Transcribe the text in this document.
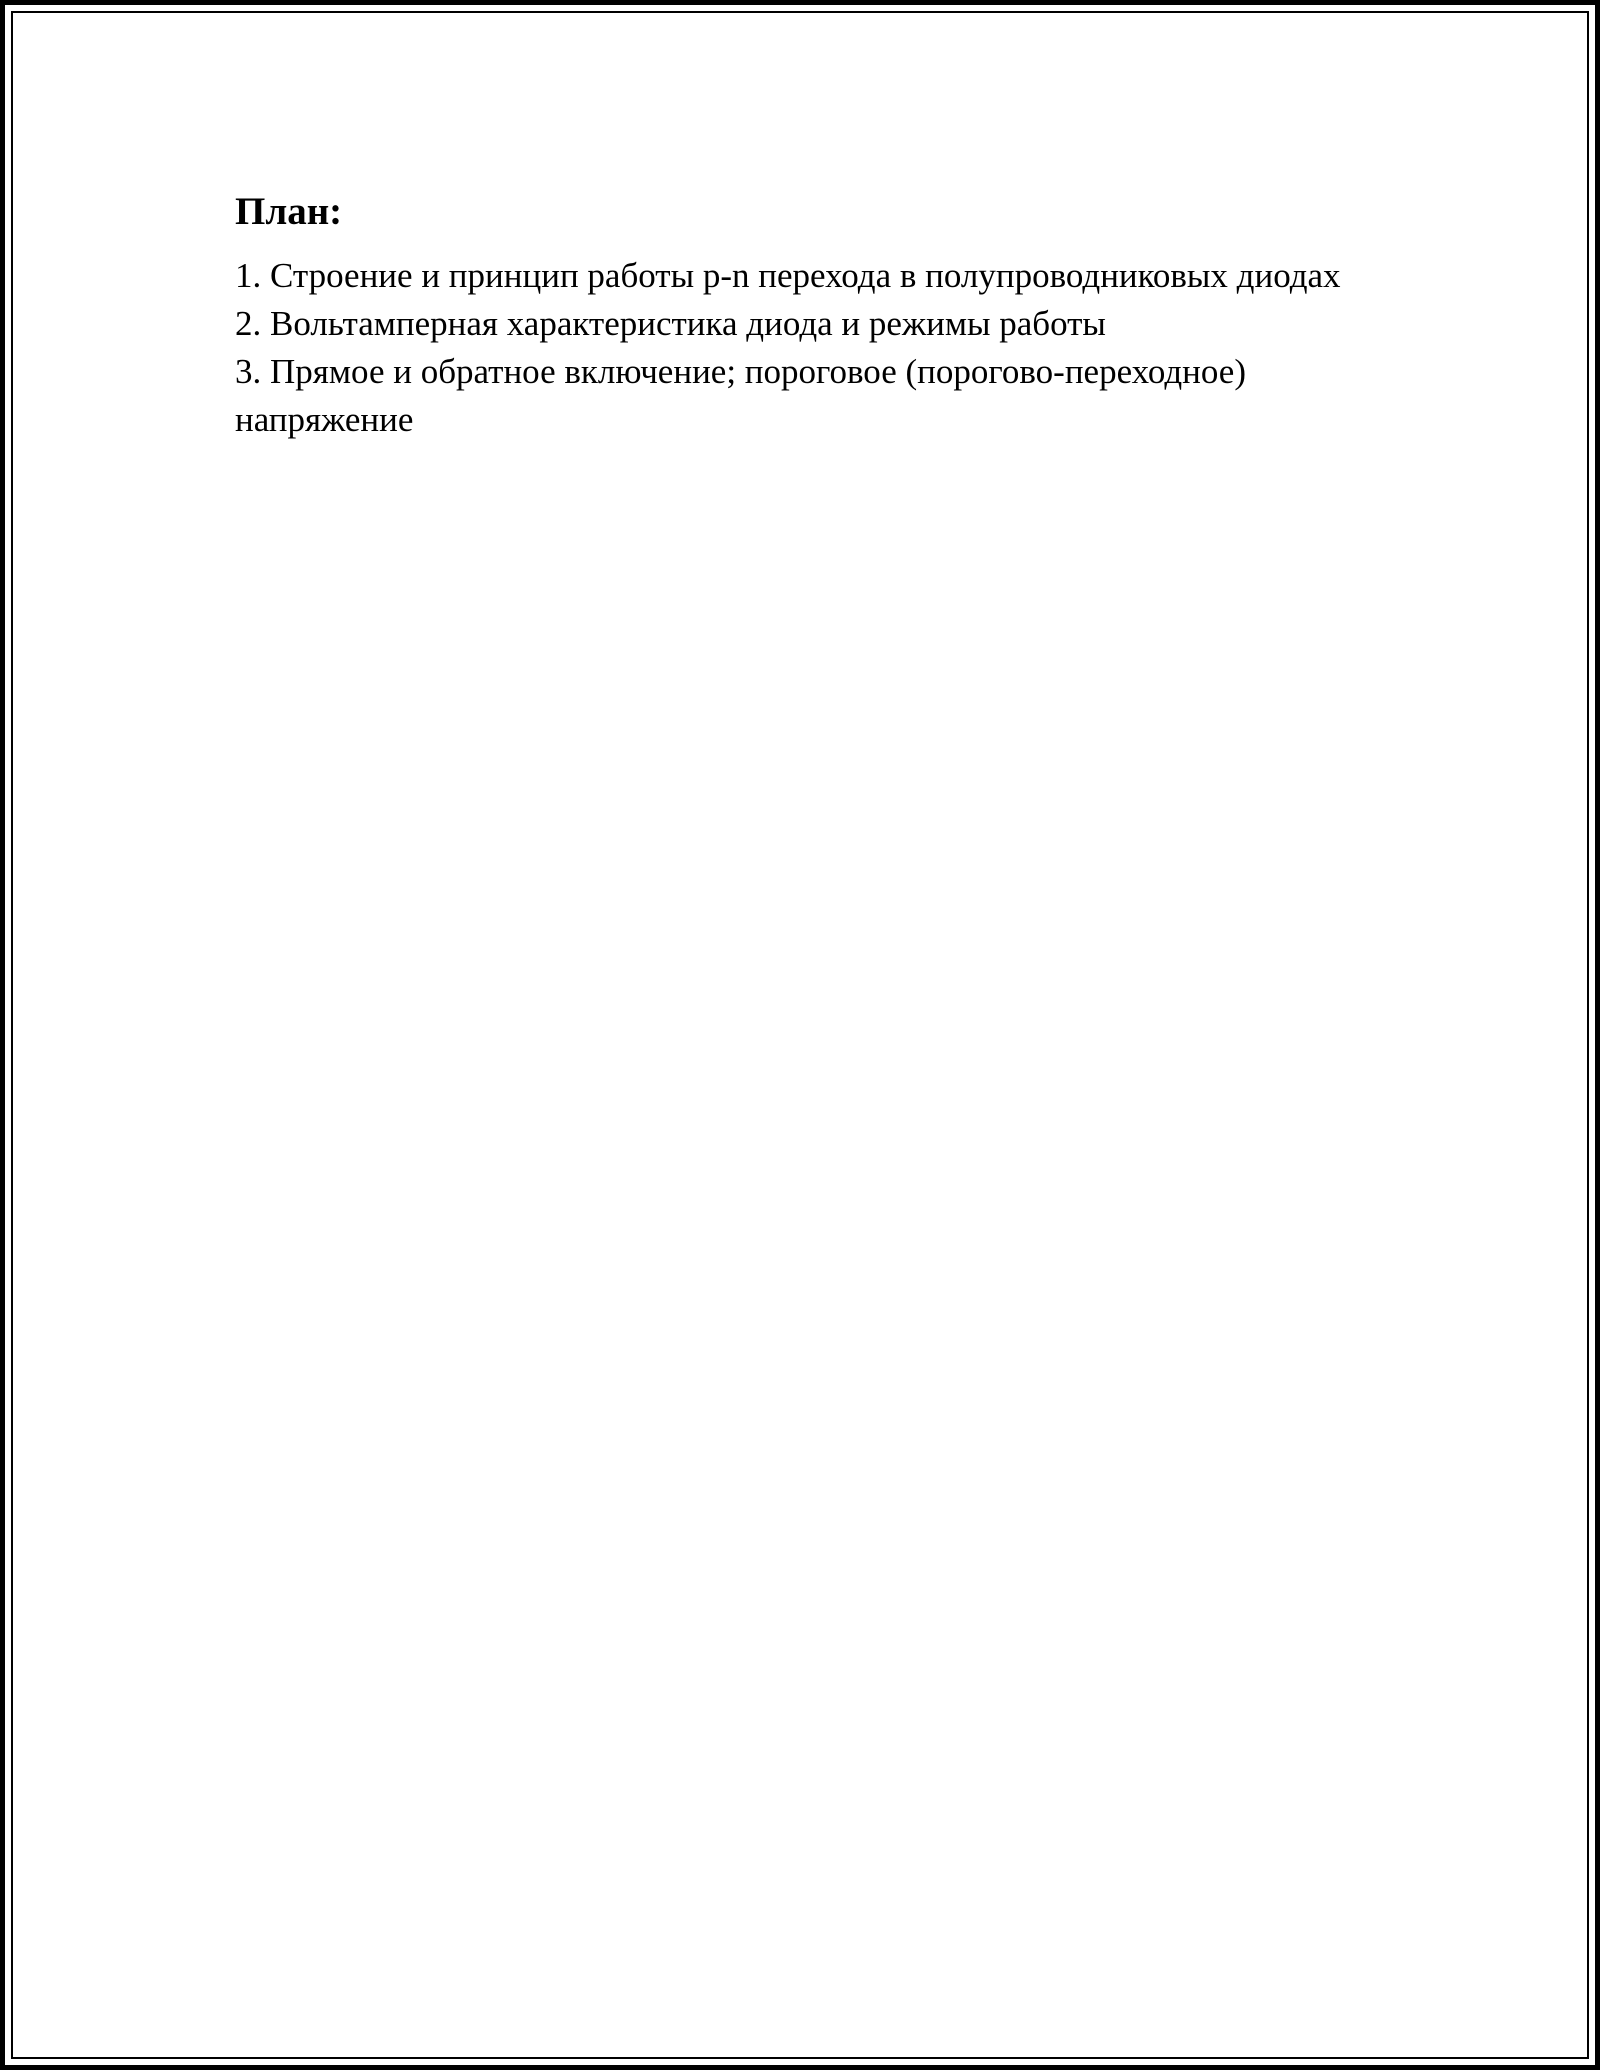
План:
1. Строение и принцип работы p-n перехода в полупроводниковых диодах
2. Вольтамперная характеристика диода и режимы работы
3. Прямое и обратное включение; пороговое (порогово-переходное) напряжение
